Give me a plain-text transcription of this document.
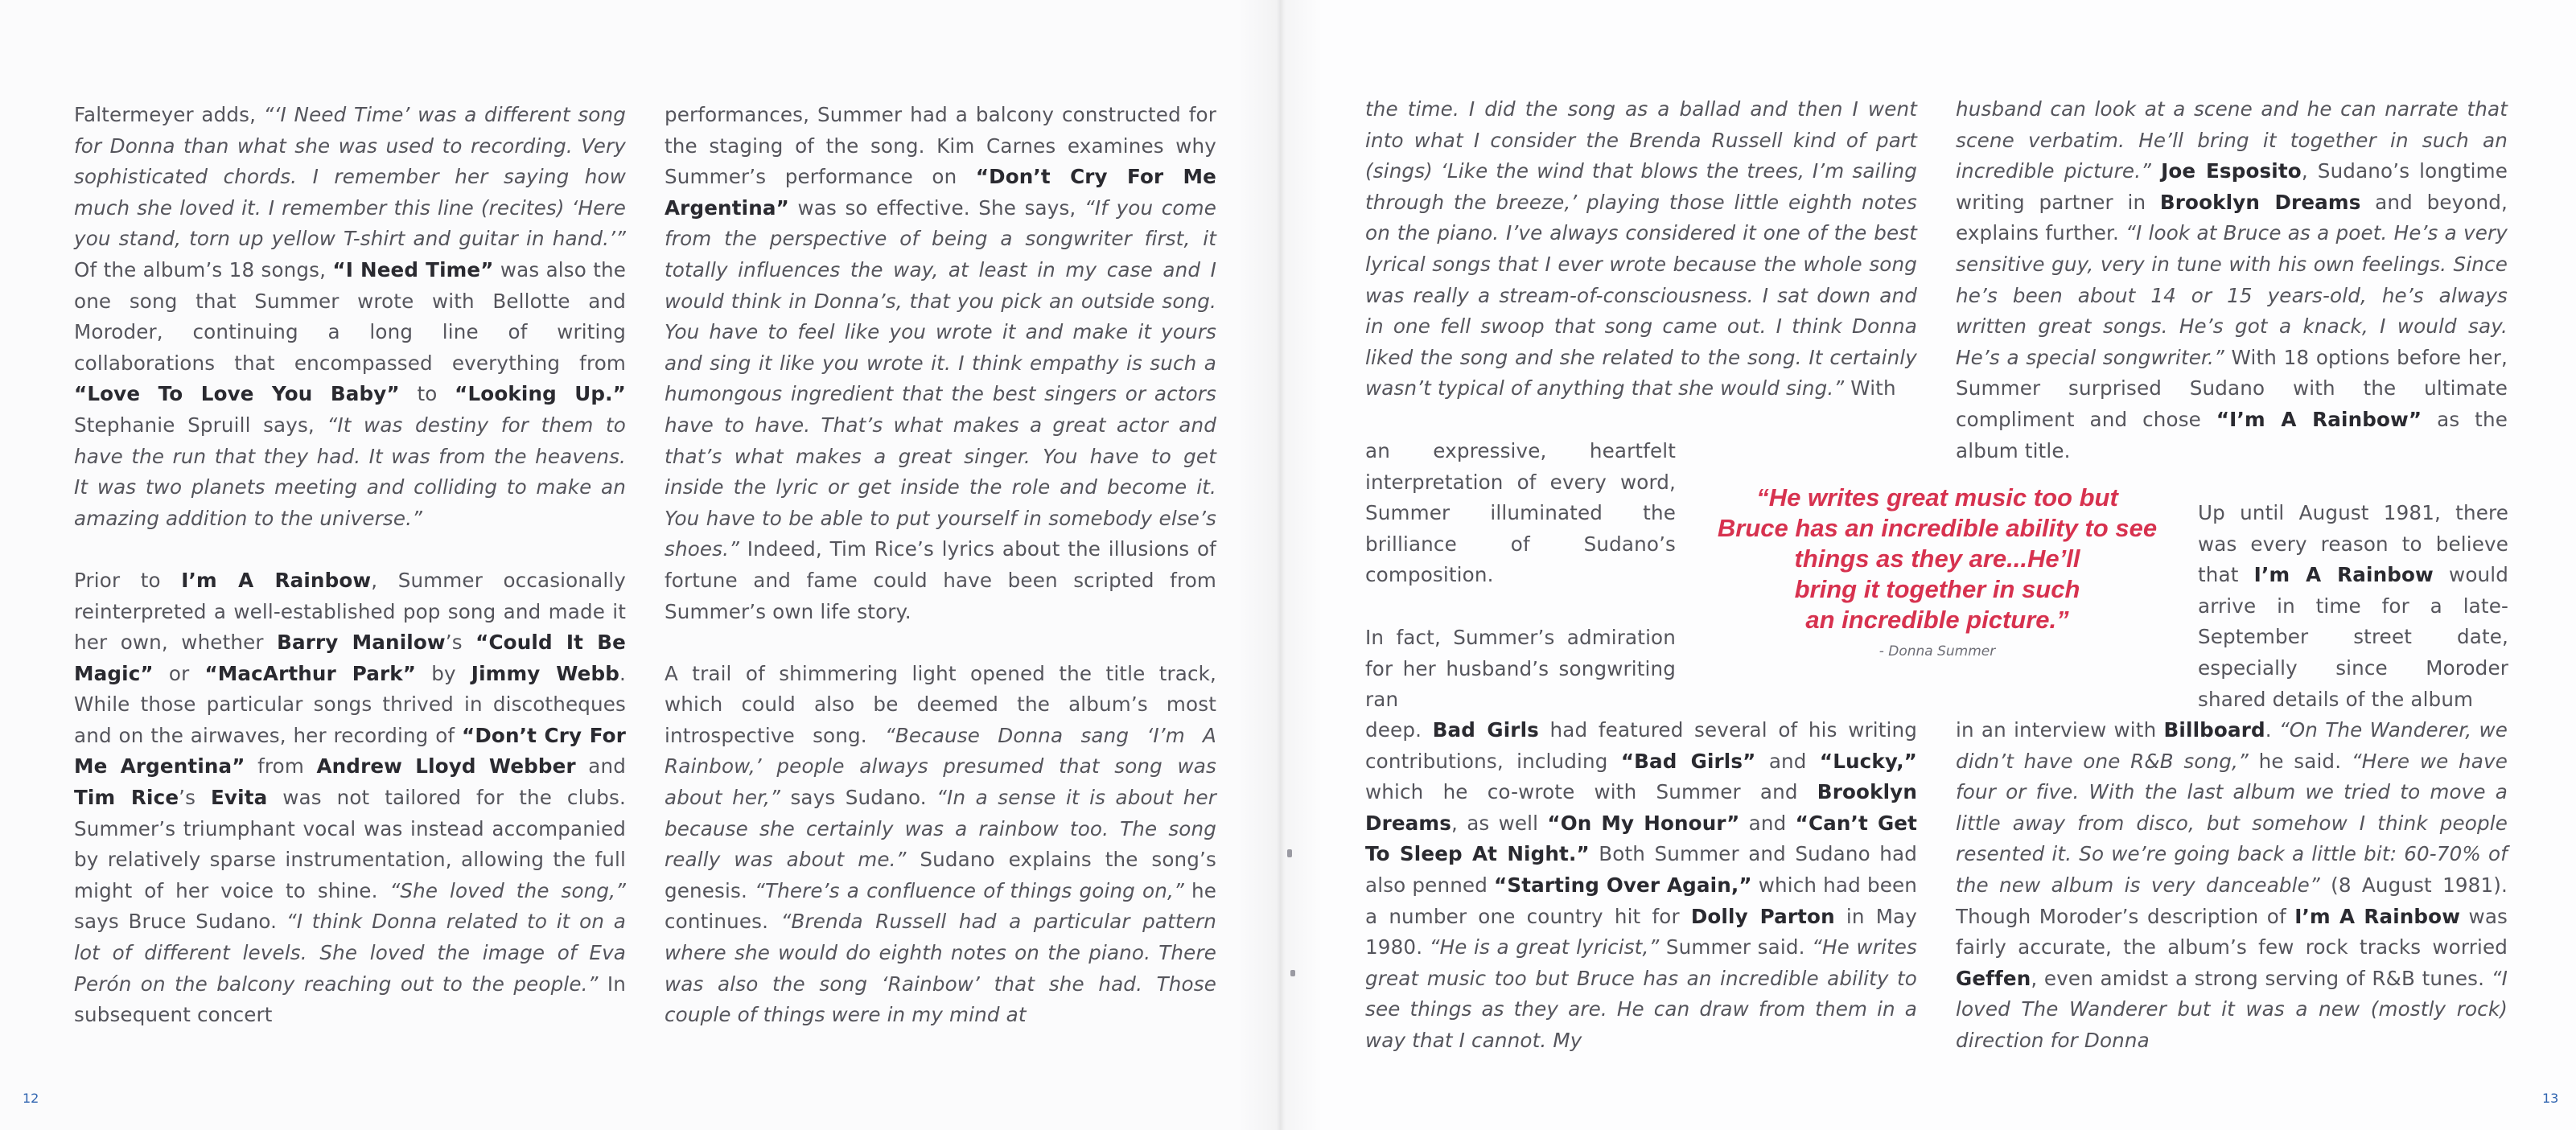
Faltermeyer adds, “‘I Need Time’ was a different song for Donna than what she was used to recording. Very sophisticated chords. I remember her saying how much she loved it. I remember this line (recites) ‘Here you stand, torn up yellow T-shirt and guitar in hand.’” Of the album’s 18 songs, “I Need Time” was also the one song that Summer wrote with Bellotte and Moroder, continuing a long line of writing collaborations that encompassed everything from “Love To Love You Baby” to “Looking Up.” Stephanie Spruill says, “It was destiny for them to have the run that they had. It was from the heavens. It was two planets meeting and colliding to make an amazing addition to the universe.”

Prior to I’m A Rainbow, Summer occasionally reinterpreted a well-established pop song and made it her own, whether Barry Manilow’s “Could It Be Magic” or “MacArthur Park” by Jimmy Webb. While those particular songs thrived in discotheques and on the airwaves, her recording of “Don’t Cry For Me Argentina” from Andrew Lloyd Webber and Tim Rice’s Evita was not tailored for the clubs. Summer’s triumphant vocal was instead accompanied by relatively sparse instrumentation, allowing the full might of her voice to shine. “She loved the song,” says Bruce Sudano. “I think Donna related to it on a lot of different levels. She loved the image of Eva Perón on the balcony reaching out to the people.” In subsequent concert

performances, Summer had a balcony constructed for the staging of the song. Kim Carnes examines why Summer’s performance on “Don’t Cry For Me Argentina” was so effective. She says, “If you come from the perspective of being a songwriter first, it totally influences the way, at least in my case and I would think in Donna’s, that you pick an outside song. You have to feel like you wrote it and make it yours and sing it like you wrote it. I think empathy is such a humongous ingredient that the best singers or actors have to have. That’s what makes a great actor and that’s what makes a great singer. You have to get inside the lyric or get inside the role and become it. You have to be able to put yourself in somebody else’s shoes.” Indeed, Tim Rice’s lyrics about the illusions of fortune and fame could have been scripted from Summer’s own life story.

A trail of shimmering light opened the title track, which could also be deemed the album’s most introspective song. “Because Donna sang ‘I’m A Rainbow,’ people always presumed that song was about her,” says Sudano. “In a sense it is about her because she certainly was a rainbow too. The song really was about me.” Sudano explains the song’s genesis. “There’s a confluence of things going on,” he continues. “Brenda Russell had a particular pattern where she would do eighth notes on the piano. There was also the song ‘Rainbow’ that she had. Those couple of things were in my mind at

the time. I did the song as a ballad and then I went into what I consider the Brenda Russell kind of part (sings) ‘Like the wind that blows the trees, I’m sailing through the breeze,’ playing those little eighth notes on the piano. I’ve always considered it one of the best lyrical songs that I ever wrote because the whole song was really a stream-of-consciousness. I sat down and in one fell swoop that song came out. I think Donna liked the song and she related to the song. It certainly wasn’t typical of anything that she would sing.” With

an expressive, heartfelt interpretation of every word, Summer illuminated the brilliance of Sudano’s composition.

In fact, Summer’s admiration for her husband’s songwriting ran

deep. Bad Girls had featured several of his writing contributions, including “Bad Girls” and “Lucky,” which he co-wrote with Summer and Brooklyn Dreams, as well “On My Honour” and “Can’t Get To Sleep At Night.” Both Summer and Sudano had also penned “Starting Over Again,” which had been a number one country hit for Dolly Parton in May 1980. “He is a great lyricist,” Summer said. “He writes great music too but Bruce has an incredible ability to see things as they are. He can draw from them in a way that I cannot. My

husband can look at a scene and he can narrate that scene verbatim. He’ll bring it together in such an incredible picture.” Joe Esposito, Sudano’s longtime writing partner in Brooklyn Dreams and beyond, explains further. “I look at Bruce as a poet. He’s a very sensitive guy, very in tune with his own feelings. Since he’s been about 14 or 15 years-old, he’s always written great songs. He’s got a knack, I would say. He’s a special songwriter.” With 18 options before her, Summer surprised Sudano with the ultimate compliment and chose “I’m A Rainbow” as the album title.

Up until August 1981, there was every reason to believe that I’m A Rainbow would arrive in time for a late-September street date, especially since Moroder shared details of the album

in an interview with Billboard. “On The Wanderer, we didn’t have one R&B song,” he said. “Here we have four or five. With the last album we tried to move a little away from disco, but somehow I think people resented it. So we’re going back a little bit: 60-70% of the new album is very danceable” (8 August 1981). Though Moroder’s description of I’m A Rainbow was fairly accurate, the album’s few rock tracks worried Geffen, even amidst a strong serving of R&B tunes. “I loved The Wanderer but it was a new (mostly rock) direction for Donna

“He writes great music too but
Bruce has an incredible ability to see
things as they are...He’ll
bring it together in such
an incredible picture.”
- Donna Summer
12	13
